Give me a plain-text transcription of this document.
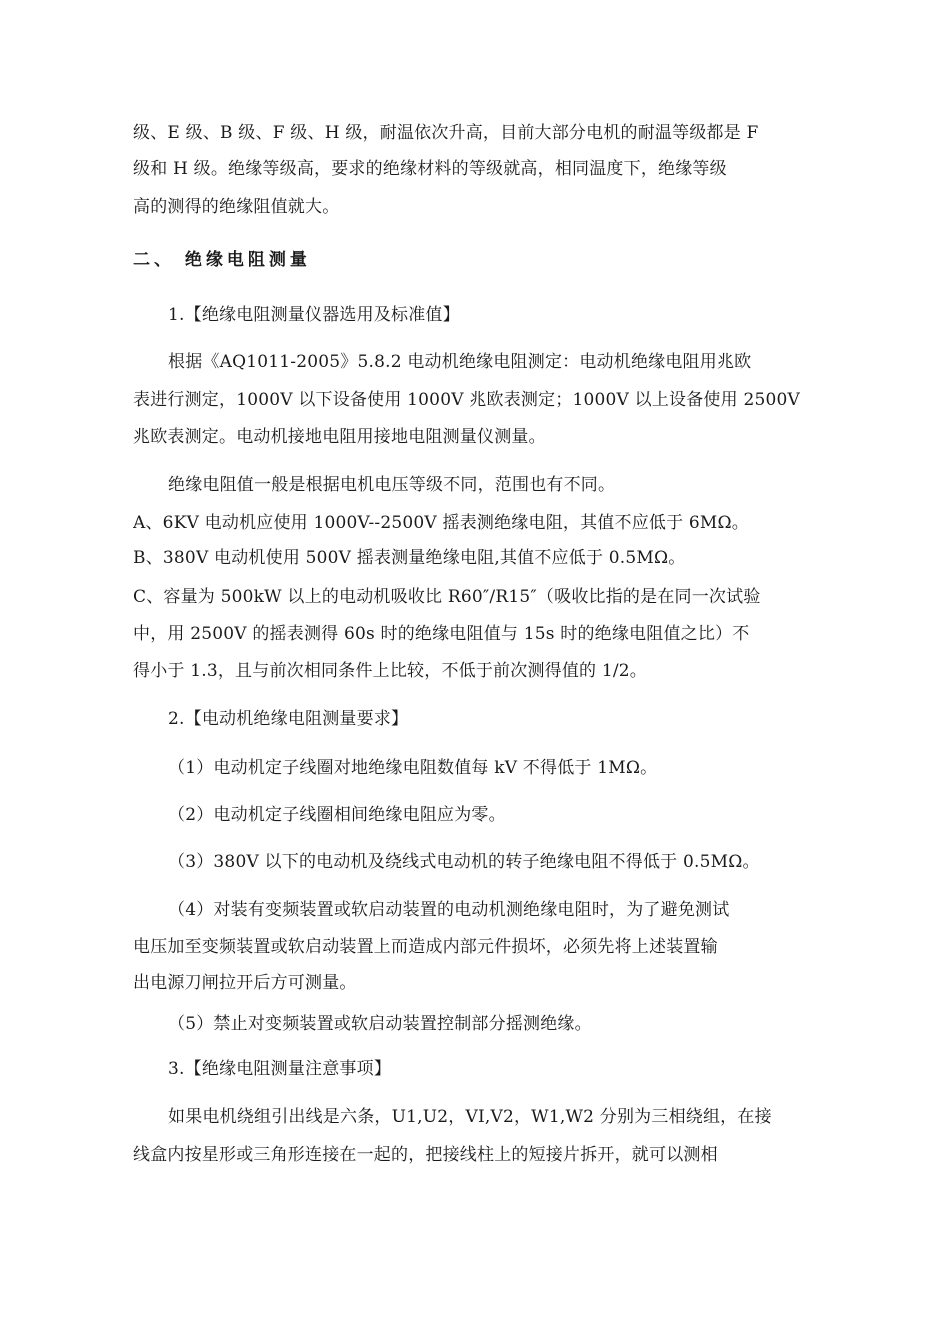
级、E 级、B 级、F 级、H 级，耐温依次升高，目前大部分电机的耐温等级都是 F
级和 H 级。绝缘等级高，要求的绝缘材料的等级就高，相同温度下，绝缘等级
高的测得的绝缘阻值就大。
二、 绝缘电阻测量
1.【绝缘电阻测量仪器选用及标准值】
根据《AQ1011-2005》5.8.2 电动机绝缘电阻测定：电动机绝缘电阻用兆欧
表进行测定，1000V 以下设备使用 1000V 兆欧表测定；1000V 以上设备使用 2500V
兆欧表测定。电动机接地电阻用接地电阻测量仪测量。
绝缘电阻值一般是根据电机电压等级不同，范围也有不同。
A、6KV 电动机应使用 1000V--2500V 摇表测绝缘电阻，其值不应低于 6MΩ。
B、380V 电动机使用 500V 摇表测量绝缘电阻,其值不应低于 0.5MΩ。
C、容量为 500kW 以上的电动机吸收比 R60″/R15″（吸收比指的是在同一次试验
中，用 2500V 的摇表测得 60s 时的绝缘电阻值与 15s 时的绝缘电阻值之比）不
得小于 1.3，且与前次相同条件上比较，不低于前次测得值的 1/2。
2.【电动机绝缘电阻测量要求】
（1）电动机定子线圈对地绝缘电阻数值每 kV 不得低于 1MΩ。
（2）电动机定子线圈相间绝缘电阻应为零。
（3）380V 以下的电动机及绕线式电动机的转子绝缘电阻不得低于 0.5MΩ。
（4）对装有变频装置或软启动装置的电动机测绝缘电阻时，为了避免测试
电压加至变频装置或软启动装置上而造成内部元件损坏，必须先将上述装置输
出电源刀闸拉开后方可测量。
（5）禁止对变频装置或软启动装置控制部分摇测绝缘。
3.【绝缘电阻测量注意事项】
如果电机绕组引出线是六条，U1,U2，VI,V2，W1,W2 分别为三相绕组，在接
线盒内按星形或三角形连接在一起的，把接线柱上的短接片拆开，就可以测相
